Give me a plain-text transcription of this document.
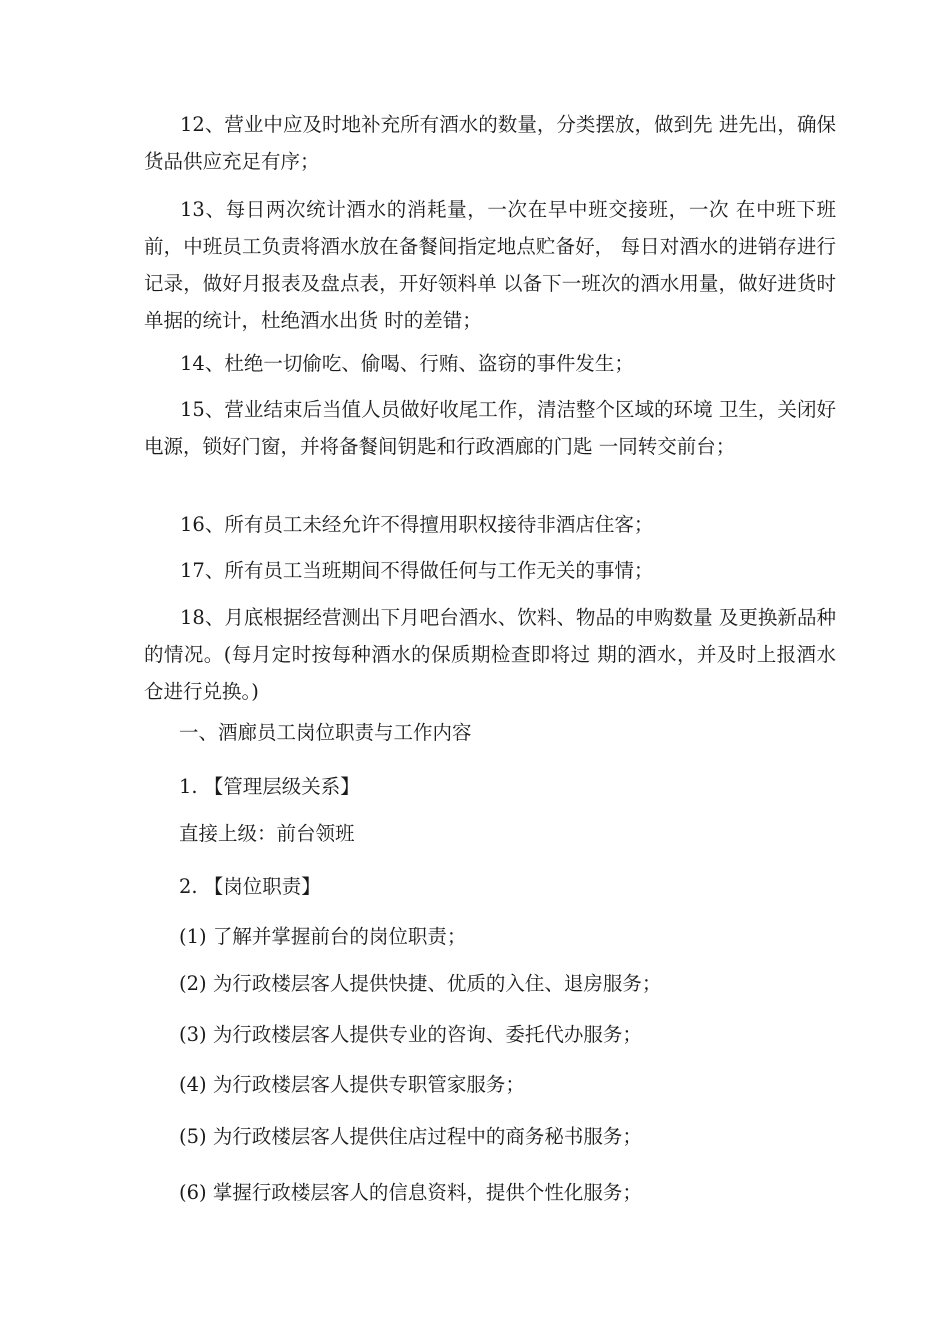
12、营业中应及时地补充所有酒水的数量，分类摆放，做到先 进先出，确保货品供应充足有序；

13、每日两次统计酒水的消耗量，一次在早中班交接班，一次 在中班下班前，中班员工负责将酒水放在备餐间指定地点贮备好， 每日对酒水的进销存进行记录，做好月报表及盘点表，开好领料单 以备下一班次的酒水用量，做好进货时单据的统计，杜绝酒水出货 时的差错；

14、杜绝一切偷吃、偷喝、行贿、盗窃的事件发生；

15、营业结束后当值人员做好收尾工作，清洁整个区域的环境 卫生，关闭好电源，锁好门窗，并将备餐间钥匙和行政酒廊的门匙 一同转交前台；

16、所有员工未经允许不得擅用职权接待非酒店住客；

17、所有员工当班期间不得做任何与工作无关的事情；

18、月底根据经营测出下月吧台酒水、饮料、物品的申购数量 及更换新品种的情况。(每月定时按每种酒水的保质期检查即将过 期的酒水，并及时上报酒水仓进行兑换。)

一、酒廊员工岗位职责与工作内容

1. 【管理层级关系】

直接上级：前台领班

2. 【岗位职责】

(1) 了解并掌握前台的岗位职责；

(2) 为行政楼层客人提供快捷、优质的入住、退房服务；

(3) 为行政楼层客人提供专业的咨询、委托代办服务；

(4) 为行政楼层客人提供专职管家服务；

(5) 为行政楼层客人提供住店过程中的商务秘书服务；

(6) 掌握行政楼层客人的信息资料，提供个性化服务；
